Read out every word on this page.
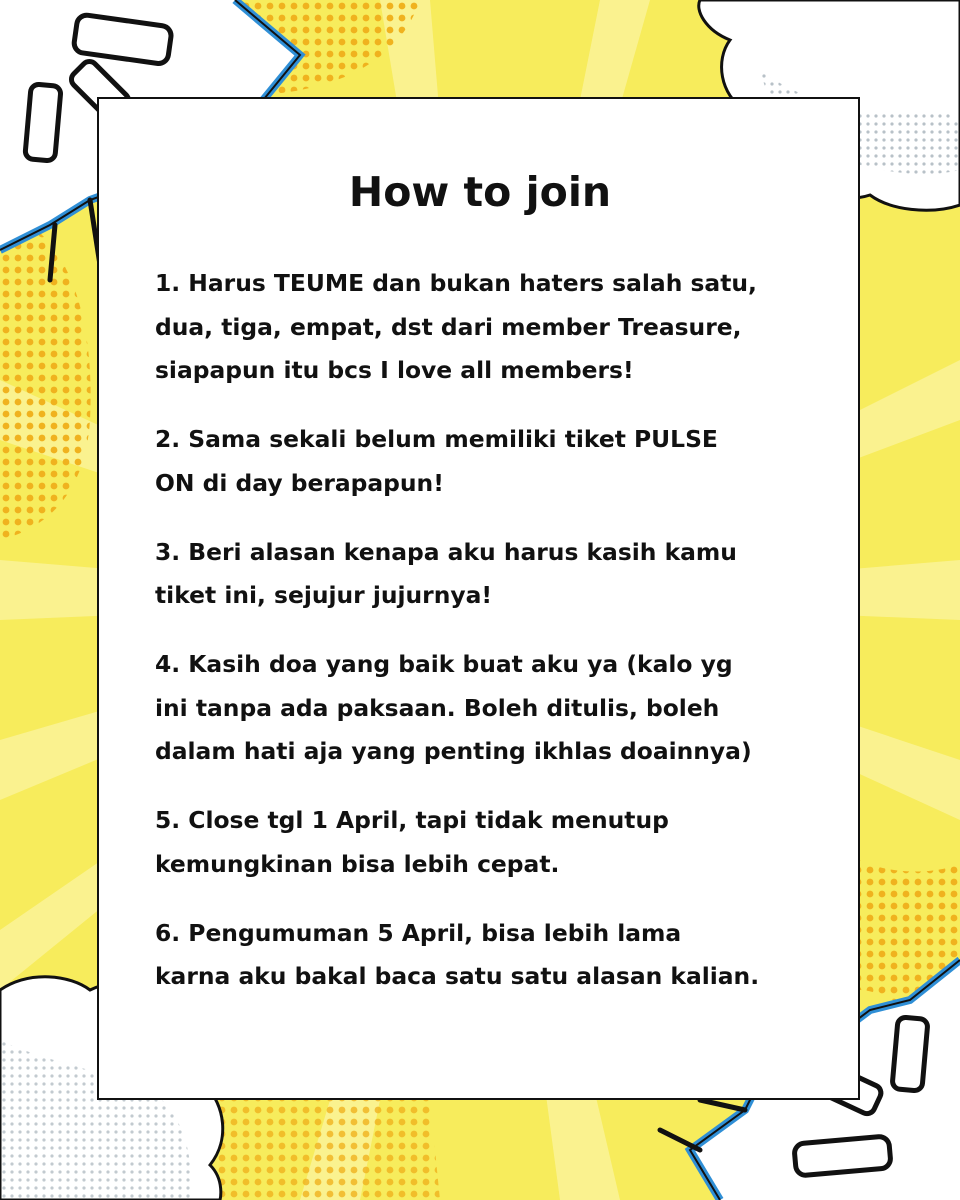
How to join
1. Harus TEUME dan bukan haters salah satu,
dua, tiga, empat, dst dari member Treasure,
siapapun itu bcs I love all members!
2. Sama sekali belum memiliki tiket PULSE
ON di day berapapun!
3. Beri alasan kenapa aku harus kasih kamu
tiket ini, sejujur jujurnya!
4. Kasih doa yang baik buat aku ya (kalo yg
ini tanpa ada paksaan. Boleh ditulis, boleh
dalam hati aja yang penting ikhlas doainnya)
5. Close tgl 1 April, tapi tidak menutup
kemungkinan bisa lebih cepat.
6. Pengumuman 5 April, bisa lebih lama
karna aku bakal baca satu satu alasan kalian.
